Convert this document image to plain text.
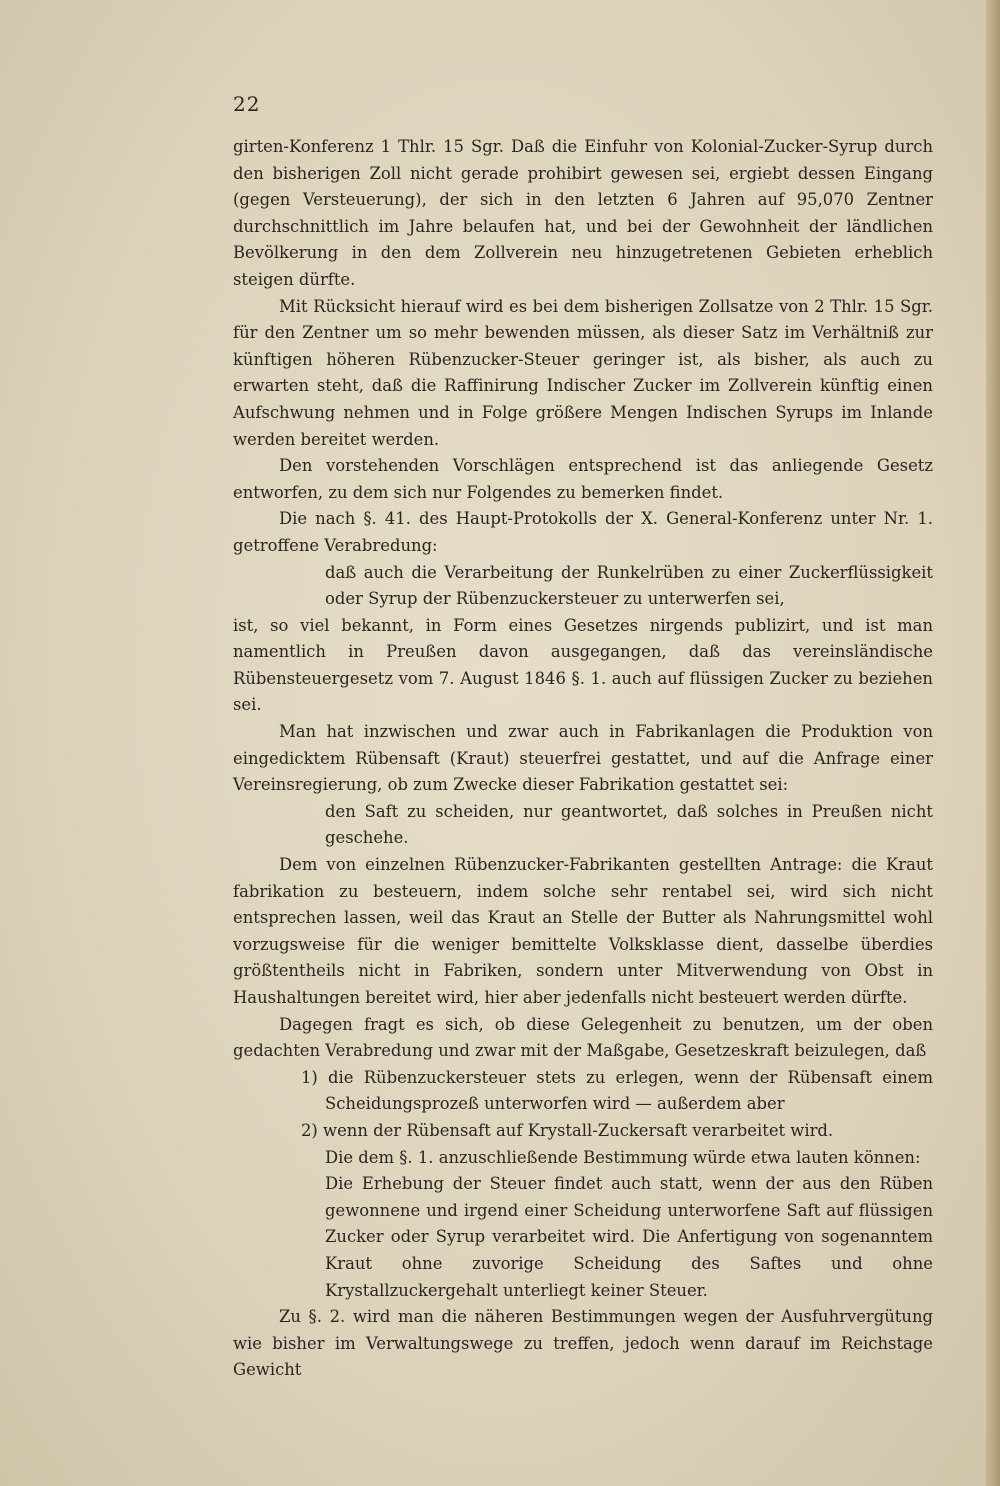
22

girten-Konferenz 1 Thlr. 15 Sgr. Daß die Einfuhr von Kolonial-Zucker-Syrup durch den bisherigen Zoll nicht gerade prohibirt gewesen sei, ergiebt dessen Eingang (gegen Versteuerung), der sich in den letzten 6 Jahren auf 95,070 Zentner durchschnittlich im Jahre belaufen hat, und bei der Gewohnheit der ländlichen Bevölkerung in den dem Zollverein neu hinzugetretenen Gebieten erheblich steigen dürfte.

Mit Rücksicht hierauf wird es bei dem bisherigen Zollsatze von 2 Thlr. 15 Sgr. für den Zentner um so mehr bewenden müssen, als dieser Satz im Verhältniß zur künftigen höheren Rübenzucker-Steuer geringer ist, als bisher, als auch zu erwarten steht, daß die Raffinirung Indischer Zucker im Zollverein künftig einen Aufschwung nehmen und in Folge größere Mengen Indischen Syrups im Inlande werden bereitet werden.

Den vorstehenden Vorschlägen entsprechend ist das anliegende Gesetz entworfen, zu dem sich nur Folgendes zu bemerken findet.

Die nach §. 41. des Haupt-Protokolls der X. General-Konferenz unter Nr. 1. getroffene Verabredung:

daß auch die Verarbeitung der Runkelrüben zu einer Zuckerflüssigkeit oder Syrup der Rübenzuckersteuer zu unterwerfen sei,

ist, so viel bekannt, in Form eines Gesetzes nirgends publizirt, und ist man namentlich in Preußen davon ausgegangen, daß das vereinsländische Rübensteuergesetz vom 7. August 1846 §. 1. auch auf flüssigen Zucker zu beziehen sei.

Man hat inzwischen und zwar auch in Fabrikanlagen die Produktion von eingedicktem Rübensaft (Kraut) steuerfrei gestattet, und auf die Anfrage einer Vereinsregierung, ob zum Zwecke dieser Fabrikation gestattet sei:

den Saft zu scheiden, nur geantwortet, daß solches in Preußen nicht geschehe.

Dem von einzelnen Rübenzucker-Fabrikanten gestellten Antrage: die Kraut fabrikation zu besteuern, indem solche sehr rentabel sei, wird sich nicht entsprechen lassen, weil das Kraut an Stelle der Butter als Nahrungsmittel wohl vorzugsweise für die weniger bemittelte Volksklasse dient, dasselbe überdies größtentheils nicht in Fabriken, sondern unter Mitverwendung von Obst in Haushaltungen bereitet wird, hier aber jedenfalls nicht besteuert werden dürfte.

Dagegen fragt es sich, ob diese Gelegenheit zu benutzen, um der oben gedachten Verabredung und zwar mit der Maßgabe, Gesetzeskraft beizulegen, daß

1) die Rübenzuckersteuer stets zu erlegen, wenn der Rübensaft einem Scheidungsprozeß unterworfen wird — außerdem aber

2) wenn der Rübensaft auf Krystall-Zuckersaft verarbeitet wird.

Die dem §. 1. anzuschließende Bestimmung würde etwa lauten können:

Die Erhebung der Steuer findet auch statt, wenn der aus den Rüben gewonnene und irgend einer Scheidung unterworfene Saft auf flüssigen Zucker oder Syrup verarbeitet wird. Die Anfertigung von sogenanntem Kraut ohne zuvorige Scheidung des Saftes und ohne Krystallzuckergehalt unterliegt keiner Steuer.

Zu §. 2. wird man die näheren Bestimmungen wegen der Ausfuhrvergütung wie bisher im Verwaltungswege zu treffen, jedoch wenn darauf im Reichstage Gewicht
